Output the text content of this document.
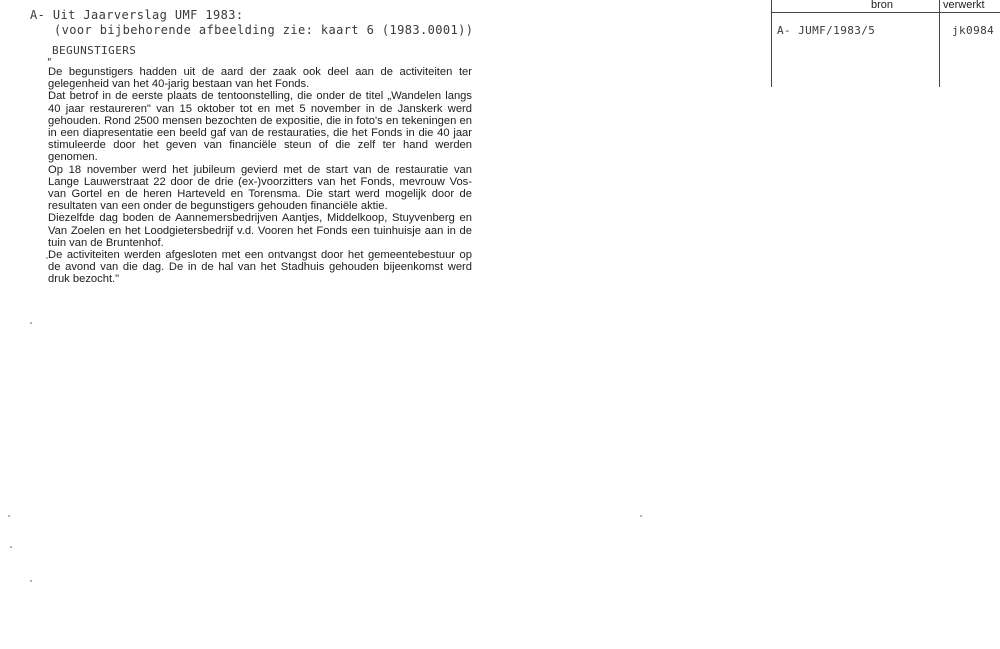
A- Uit Jaarverslag UMF 1983:
(voor bijbehorende afbeelding zie: kaart 6 (1983.0001))
BEGUNSTIGERS
"

De begunstigers hadden uit de aard der zaak ook deel aan de activiteiten ter gelegenheid van het 40-jarig bestaan van het Fonds.

Dat betrof in de eerste plaats de tentoonstelling, die onder de titel „Wandelen langs 40 jaar restaureren" van 15 oktober tot en met 5 november in de Janskerk werd gehouden. Rond 2500 mensen bezochten de expositie, die in foto's en tekeningen en in een diapresentatie een beeld gaf van de restauraties, die het Fonds in die 40 jaar stimuleerde door het geven van financiële steun of die zelf ter hand werden genomen.

Op 18 november werd het jubileum gevierd met de start van de restauratie van Lange Lauwerstraat 22 door de drie (ex-)voorzitters van het Fonds, mevrouw Vos-van Gortel en de heren Harteveld en Torensma. Die start werd mogelijk door de resultaten van een onder de begunstigers gehouden financiële aktie.

Diezelfde dag boden de Aannemersbedrijven Aantjes, Middelkoop, Stuyvenberg en Van Zoelen en het Loodgietersbedrijf v.d. Vooren het Fonds een tuinhuisje aan in de tuin van de Bruntenhof.

De activiteiten werden afgesloten met een ontvangst door het gemeentebestuur op de avond van die dag. De in de hal van het Stadhuis gehouden bijeenkomst werd druk bezocht."

bron	verwerkt
A- JUMF/1983/5	jk0984
